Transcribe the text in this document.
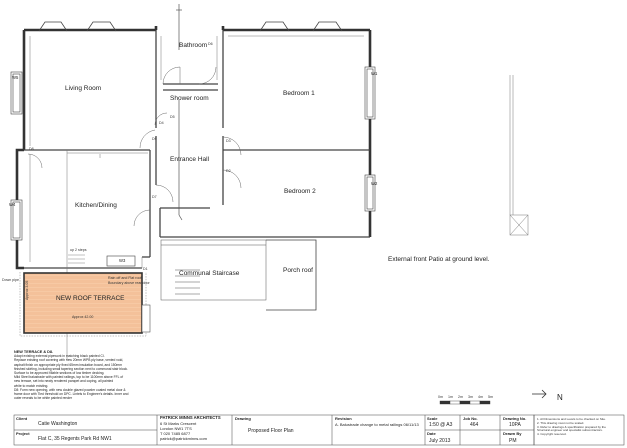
Bathroom
Living Room
Shower room
Bedroom 1
Entrance Hall
Bedroom 2
Kitchen/Dining
NEW ROOF TERRACE
Communal Staircase	Porch roof
External front Patio at ground level.
W5
W1
W2
W4
W3
D1
D2
D3
D4
D5
D6
D7
D8
D9
up 2 steps
Approx 42.00
Approx 3.05
Rain off and Flat roof
Boundary above rear door
Down pipe
NEW TERRACE & D8.
Adapt existing external pipework in matching black painted CI.
Replace existing roof covering with new 20mm WPB ply base, vented void,
asphalt finish on appropriate ply fixed 65mm insulation board, and 150mm
finished skirting, including small tapering section next to communal stair block.
Surface to be approved fillable sections of low timber decking.
Mild Steel balustrade with painted railings, top to be 1100mm above FFL of
new terrace, set into newly rendered parapet and coping, all painted
white to match existing.
D8: Form new opening, with new double glazed powder coated metal door &
frame door with Tied threshold on DPC. Lintels to Engineer's details. Inner and
outer reveals to be white painted render	0m 1m 2m 3m 4m 5m	N
Client
Catie Washington
Project
Flat C, 35 Regents Park Rd NW1
PATRICK MINNS ARCHITECTS
6 St Marks Crescent
London NW1 7TS
T 020 7485 6877
patrick@patrickminns.com
Drawing
Proposed Floor Plan
Revision
A. Balustrade change to metal railings 06/11/13
Scale
1:50 @ A3
Job No.
464
Drawing No.
10PA
Date
July 2013
Drawn By
PM
1. All Dimensions and Levels to be checked on Site.
2. This drawing must not be scaled.
3. Refer to drawings & specification prepared by the
Structural engineer and specialist subcontractors.
4. Copyright reserved.
